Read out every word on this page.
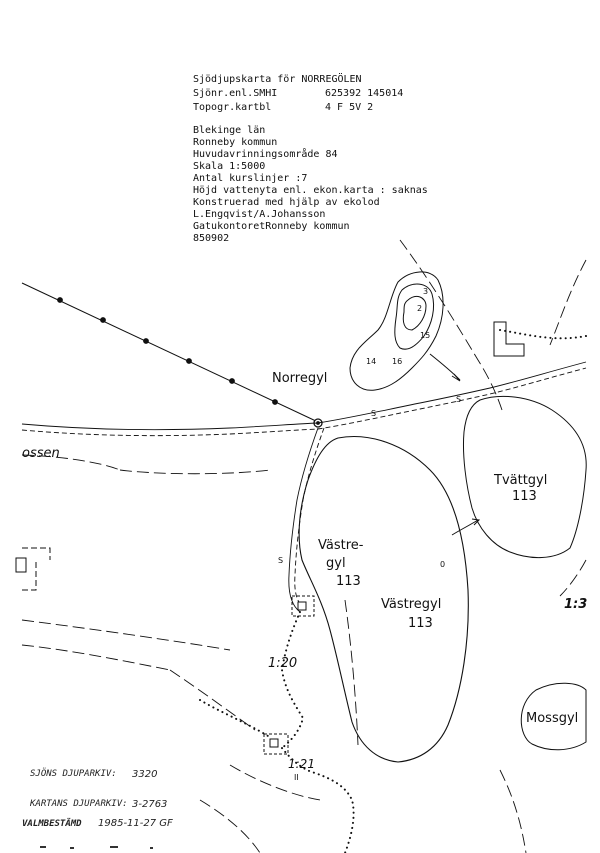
Sjödjupskarta för NORREGÖLEN
Sjönr.enl.SMHI	625392 145014
Topogr.kartbl	4 F 5V 2
Blekinge län
Ronneby kommun
Huvudavrinningsområde 84
Skala 1:5000
Antal kurslinjer :7
Höjd vattenyta enl. ekon.karta : saknas
Konstruerad med hjälp av ekolod
L.Engqvist/A.Johansson
GatukontoretRonneby kommun
850902
Norregyl
Västre-
gyl
113
Västregyl
113
Tvättgyl
113
Mossgyl
ossen
1:20
1:21
1:3
S
S
S
II
3
2
14 16
15
0
SJÖNS DJUPARKIV: 3320
KARTANS DJUPARKIV: 3-2763
VALMBESTÄMD 1985-11-27 GF
